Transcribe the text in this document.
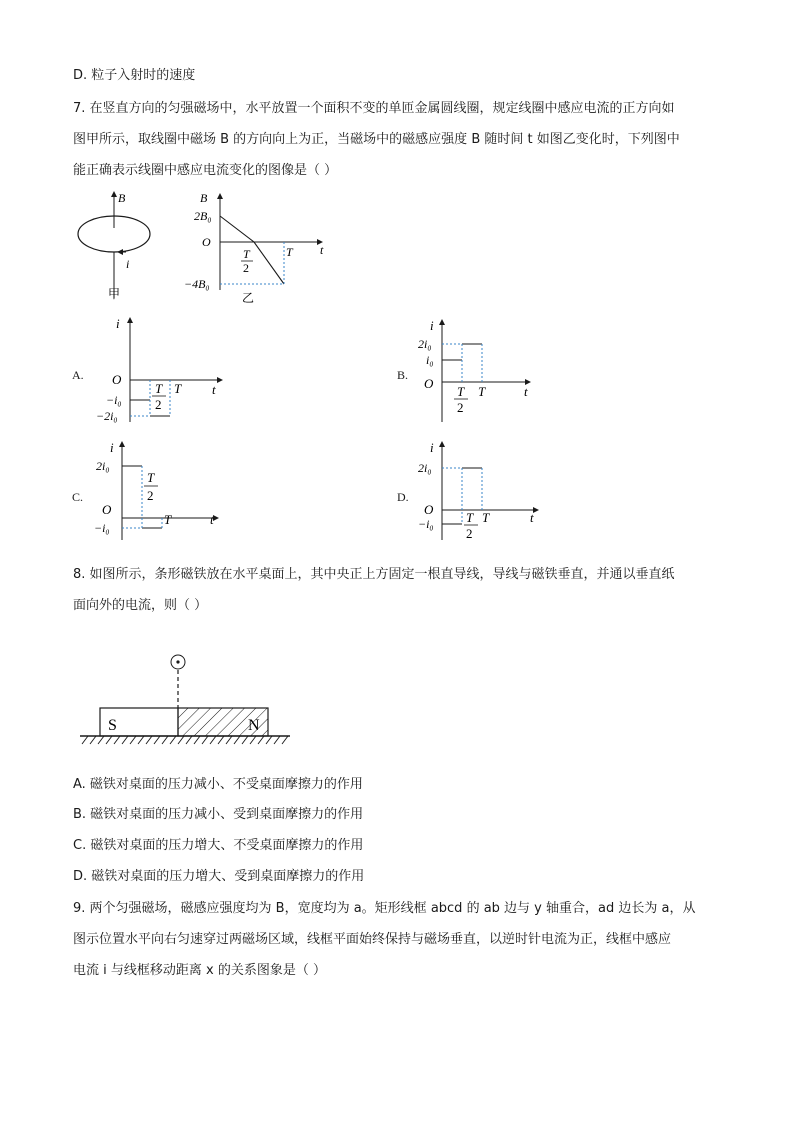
D. 粒子入射时的速度
7. 在竖直方向的匀强磁场中，水平放置一个面积不变的单匝金属圆线圈，规定线圈中感应电流的正方向如
图甲所示，取线圈中磁场 B 的方向向上为正，当磁场中的磁感应强度 B 随时间 t 如图乙变化时，下列图中
能正确表示线圈中感应电流变化的图像是（ ）
B
i
甲
B
2B₀
O
t
T
T
2
−4B₀
乙
A.
i
O
t
T
T
2
−i₀
−2i₀
B.
i
O
t
T
T
2
2i₀
i₀
C.
i
O
t
T
T
2
2i₀
−i₀
D.
i
O
t
T
T
2
2i₀
−i₀
8. 如图所示，条形磁铁放在水平桌面上，其中央正上方固定一根直导线，导线与磁铁垂直，并通以垂直纸
面向外的电流，则（ ）
S	N
A. 磁铁对桌面的压力减小、不受桌面摩擦力的作用
B. 磁铁对桌面的压力减小、受到桌面摩擦力的作用
C. 磁铁对桌面的压力增大、不受桌面摩擦力的作用
D. 磁铁对桌面的压力增大、受到桌面摩擦力的作用
9. 两个匀强磁场，磁感应强度均为 B，宽度均为 a。矩形线框 abcd 的 ab 边与 y 轴重合，ad 边长为 a，从
图示位置水平向右匀速穿过两磁场区域，线框平面始终保持与磁场垂直，以逆时针电流为正，线框中感应
电流 i 与线框移动距离 x 的关系图象是（ ）
